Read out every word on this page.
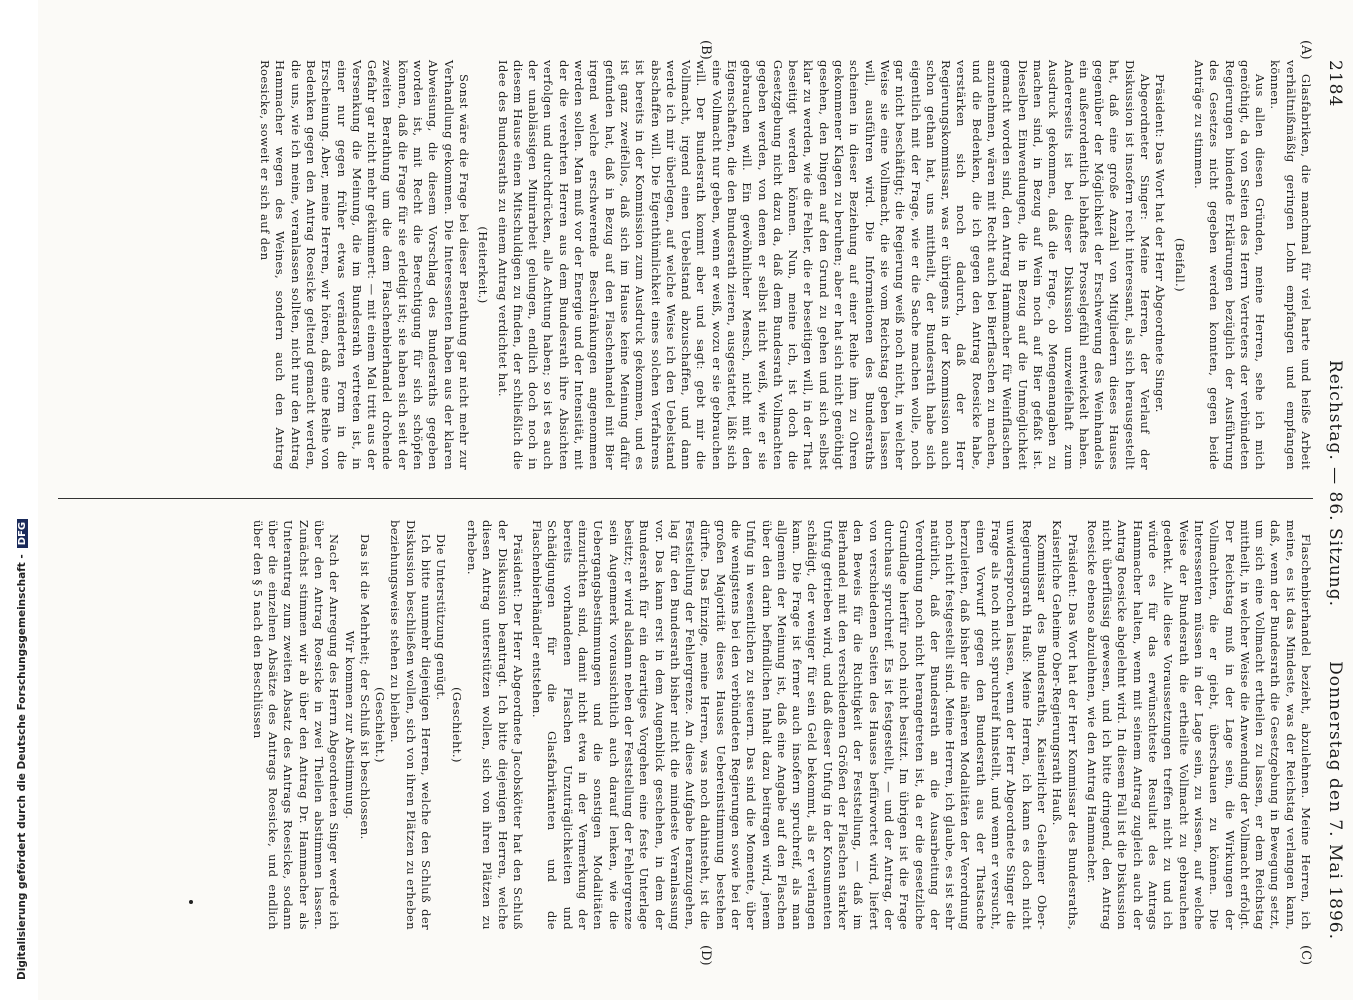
Digitalisierung gefördert durch die Deutsche Forschungsgemeinschaft -DFG
2184
Reichstag. — 86. Sitzung.
Donnerstag den 7. Mai 1896.
(A)
(B)
(C)
(D)

Glasfabriken, die manchmal für viel harte und heiße Arbeit verhältnißmäßig geringen Lohn empfangen und empfangen können.

Aus allen diesen Gründen, meine Herren, sehe ich mich genöthigt, da von Seiten des Herrn Vertreters der verbündeten Regierungen bindende Erklärungen bezüglich der Ausführung des Gesetzes nicht gegeben werden konnten, gegen beide Anträge zu stimmen.

(Beifall.)

Präsident: Das Wort hat der Herr Abgeordnete Singer.

Abgeordneter Singer: Meine Herren, der Verlauf der Diskussion ist insofern recht interessant, als sich herausgestellt hat, daß eine große Anzahl von Mitgliedern dieses Hauses gegenüber der Möglichkeit der Erschwerung des Weinhandels ein außerordentlich lebhaftes Prosselgefühl entwickelt haben. Andererseits ist bei dieser Diskussion unzweifelhaft zum Ausdruck gekommen, daß die Frage, ob Mengenangaben zu machen sind, in Bezug auf Wein noch auf Bier gefaßt ist. Dieselben Einwendungen, die in Bezug auf die Unmöglichkeit gemacht worden sind, den Antrag Hammacher für Weinflaschen anzunehmen, wären mit Recht auch bei Bierflaschen zu machen, und die Bedenken, die ich gegen den Antrag Roesicke habe, verstärken sich noch dadurch, daß der Herr Regierungskommissar, was er übrigens in der Kommission auch schon gethan hat, uns mittheilt, der Bundesrath habe sich eigentlich mit der Frage, wie er die Sache machen wolle, noch gar nicht beschäftigt; die Regierung weiß noch nicht, in welcher Weise sie eine Vollmacht, die sie vom Reichstag geben lassen will, ausführen wird. Die Informationen des Bundesraths scheinen in dieser Beziehung auf einer Reihe ihm zu Ohren gekommener Klagen zu beruhen; aber er hat sich nicht genöthigt gesehen, den Dingen auf den Grund zu gehen und sich selbst klar zu werden, wie die Fehler, die er beseitigen will, in der That beseitigt werden können. Nun, meine ich, ist doch die Gesetzgebung nicht dazu da, daß dem Bundesrath Vollmachten gegeben werden, von denen er selbst nicht weiß, wie er sie gebrauchen will. Ein gewöhnlicher Mensch, nicht mit den Eigenschaften, die den Bundesrath zieren, ausgestattet, läßt sich eine Vollmacht nur geben, wenn er weiß, wozu er sie gebrauchen will. Der Bundesrath kommt aber und sagt: gebt mir die Vollmacht, irgend einen Uebelstand abzuschaffen, und dann werde ich mir überlegen, auf welche Weise ich den Uebelstand abschaffen will. Die Eigenthümlichkeit eines solchen Verfahrens ist bereits in der Kommission zum Ausdruck gekommen, und es ist ganz zweifellos, daß sich im Hause keine Meinung dafür gefunden hat, daß in Bezug auf den Flaschenhandel mit Bier irgend welche erschwerende Beschränkungen angenommen werden sollen. Man muß vor der Energie und der Intensität, mit der die verehrten Herren aus dem Bundesrath ihre Absichten verfolgen und durchdrücken, alle Achtung haben; so ist es auch der unablässigen Minirarbeit gelungen, endlich doch noch in diesem Hause einen Mitschuldigen zu finden, der schließlich die Idee des Bundesraths zu einem Antrag verdichtet hat.

(Heiterkeit.)

Sonst wäre die Frage bei dieser Berathung gar nicht mehr zur Verhandlung gekommen. Die Interessenten haben aus der klaren Abweisung, die diesem Vorschlag des Bundesraths gegeben worden ist, mit Recht die Berechtigung für sich schöpfen können, daß die Frage für sie erledigt ist; sie haben sich seit der zweiten Berathung um die dem Flaschenbierhandel drohende Gefahr gar nicht mehr gekümmert: — mit einem Mal tritt aus der Versenkung die Meinung, die im Bundesrath vertreten ist, in einer nur gegen früher etwas veränderten Form in die Erscheinung. Aber, meine Herren, wir hören, daß eine Reihe von Bedenken gegen den Antrag Roesicke geltend gemacht werden, die uns, wie ich meine, veranlassen sollten, nicht nur den Antrag Hammacher wegen des Weines, sondern auch den Antrag Roesicke, soweit er sich auf den

Flaschenbierhandel bezieht, abzulehnen. Meine Herren, ich meine, es ist das Mindeste, was der Reichstag verlangen kann, daß, wenn der Bundesrath die Gesetzgebung in Bewegung setzt, um sich eine Vollmacht ertheilen zu lassen, er dem Reichstag mittheilt, in welcher Weise die Anwendung der Vollmacht erfolgt. Der Reichstag muß in der Lage sein, die Wirkungen der Vollmachten, die er giebt, überschauen zu können. Die Interessenten müssen in der Lage sein, zu wissen, auf welche Weise der Bundesrath die ertheilte Vollmacht zu gebrauchen gedenkt. Alle diese Voraussetzungen treffen nicht zu und ich würde es für das erwünschteste Resultat des Antrags Hammacher halten, wenn mit seinem Antrag zugleich auch der Antrag Roesicke abgelehnt wird. In diesem Fall ist die Diskussion nicht überflüssig gewesen, und ich bitte dringend, den Antrag Roesicke ebenso abzulehnen, wie den Antrag Hammacher.

Präsident: Das Wort hat der Herr Kommissar des Bundesraths, Kaiserliche Geheime Ober-Regierungsrath Hauß.

Kommissar des Bundesraths, Kaiserlicher Geheimer Ober-Regierungsrath Hauß: Meine Herren, ich kann es doch nicht unwidersprochen lassen, wenn der Herr Abgeordnete Singer die Frage als noch nicht spruchreif hinstellt, und wenn er versucht, einen Vorwurf gegen den Bundesrath aus der Thatsache herzuleiten, daß bisher die näheren Modalitäten der Verordnung noch nicht festgestellt sind. Meine Herren, ich glaube, es ist sehr natürlich, daß der Bundesrath an die Ausarbeitung der Verordnung noch nicht herangetreten ist, da er die gesetzliche Grundlage hierfür noch nicht besitzt. Im übrigen ist die Frage durchaus spruchreif. Es ist festgestellt, — und der Antrag, der von verschiedenen Seiten des Hauses befürwortet wird, liefert den Beweis für die Richtigkeit der Feststellung, — daß im Bierhandel mit den verschiedenen Größen der Flaschen starker Unfug getrieben wird, und daß dieser Unfug in der Konsumenten schädigt, der weniger für sein Geld bekommt, als er verlangen kann. Die Frage ist ferner auch insofern spruchreif, als man allgemein der Meinung ist, daß eine Angabe auf den Flaschen über den darin befindlichen Inhalt dazu beitragen wird, jenem Unfug in wesentlichen zu steuern. Das sind die Momente, über die wenigstens bei den verbündeten Regierungen sowie bei der großen Majorität dieses Hauses Uebereinstimmung bestehen dürfte. Das Einzige, meine Herren, was noch dahinsteht, ist die Feststellung der Fehlergrenze. An diese Aufgabe heranzugehen, lag für den Bundesrath bisher nicht die mindeste Veranlassung vor. Das kann erst in dem Augenblick geschehen, in dem der Bundesrath für ein derartiges Vorgehen eine feste Unterlage besitzt; er wird alsdann neben der Feststellung der Fehlergrenze sein Augenmerk voraussichtlich auch darauf lenken, wie die Uebergangsbestimmungen und die sonstigen Modalitäten einzurichten sind, damit nicht etwa in der Vermerkung der bereits vorhandenen Flaschen Unzuträglichkeiten und Schädigungen für die Glasfabrikanten und die Flaschenbierhändler entstehen.

Präsident: Der Herr Abgeordnete Jacobskötter hat den Schluß der Diskussion beantragt. Ich bitte diejenigen Herren, welche diesen Antrag unterstützen wollen, sich von ihren Plätzen zu erheben.

(Geschieht.)

Die Unterstützung genügt.

Ich bitte nunmehr diejenigen Herren, welche den Schluß der Diskussion beschließen wollen, sich von ihren Plätzen zu erheben beziehungsweise stehen zu bleiben.

(Geschieht.)

Das ist die Mehrheit; der Schluß ist beschlossen.

Wir kommen zur Abstimmung.

Nach der Anregung des Herrn Abgeordneten Singer werde ich über den Antrag Roesicke in zwei Theilen abstimmen lassen. Zunächst stimmen wir ab über den Antrag Dr. Hammacher als Unterantrag zum zweiten Absatz des Antrags Roesicke, sodann über die einzelnen Absätze des Antrags Roesicke, und endlich über den § 5 nach den Beschlüssen
